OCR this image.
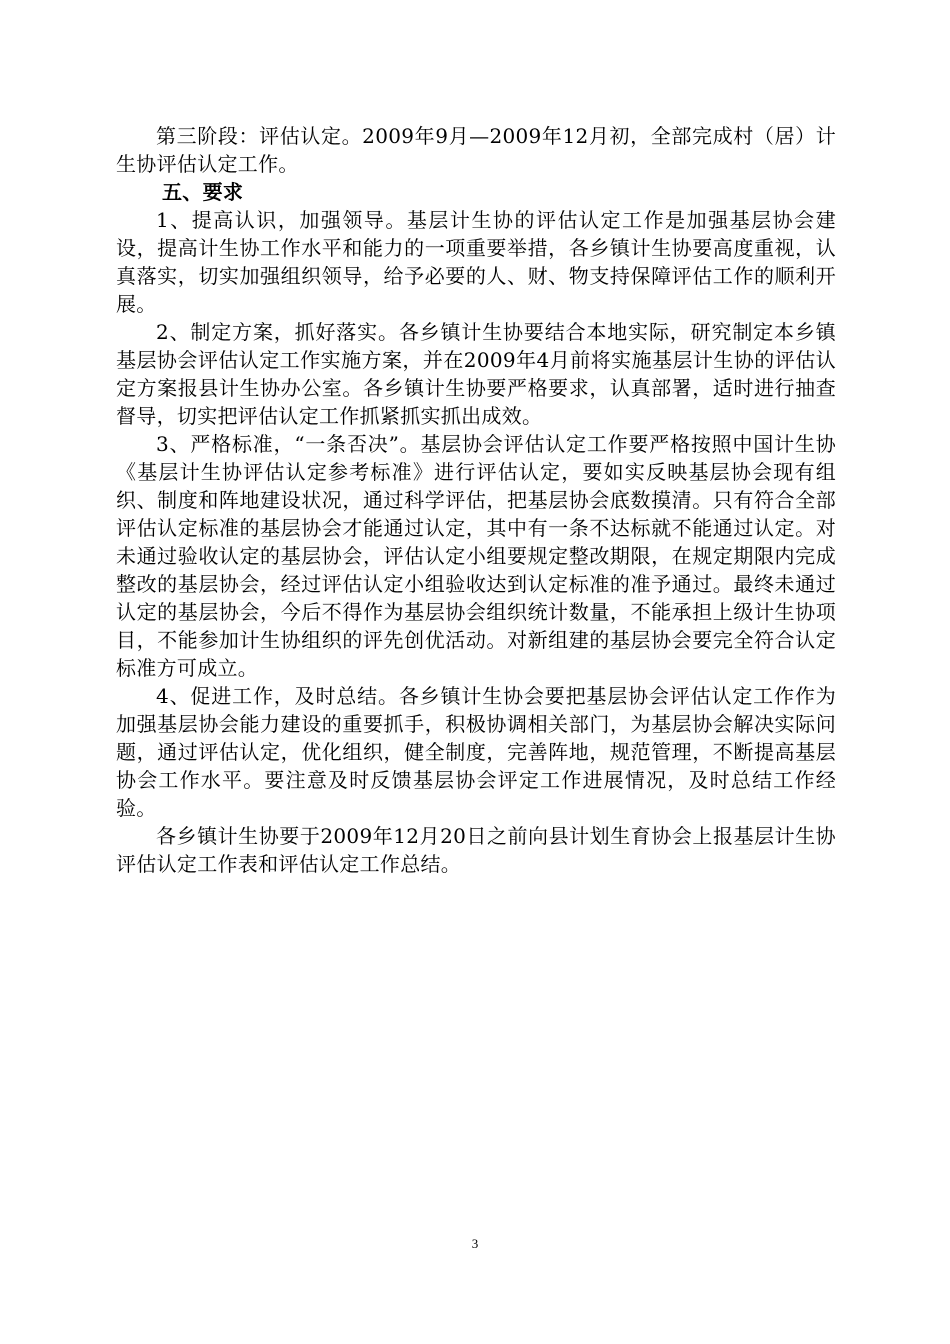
第三阶段：评估认定。2009年9月—2009年12月初，全部完成村（居）计生协评估认定工作。

五、要求

1、提高认识，加强领导。基层计生协的评估认定工作是加强基层协会建设，提高计生协工作水平和能力的一项重要举措，各乡镇计生协要高度重视，认真落实，切实加强组织领导，给予必要的人、财、物支持保障评估工作的顺利开展。

2、制定方案，抓好落实。各乡镇计生协要结合本地实际，研究制定本乡镇基层协会评估认定工作实施方案，并在2009年4月前将实施基层计生协的评估认定方案报县计生协办公室。各乡镇计生协要严格要求，认真部署，适时进行抽查督导，切实把评估认定工作抓紧抓实抓出成效。

3、严格标准，“一条否决”。基层协会评估认定工作要严格按照中国计生协《基层计生协评估认定参考标准》进行评估认定，要如实反映基层协会现有组织、制度和阵地建设状况，通过科学评估，把基层协会底数摸清。只有符合全部评估认定标准的基层协会才能通过认定，其中有一条不达标就不能通过认定。对未通过验收认定的基层协会，评估认定小组要规定整改期限，在规定期限内完成整改的基层协会，经过评估认定小组验收达到认定标准的准予通过。最终未通过认定的基层协会，今后不得作为基层协会组织统计数量，不能承担上级计生协项目，不能参加计生协组织的评先创优活动。对新组建的基层协会要完全符合认定标准方可成立。

4、促进工作，及时总结。各乡镇计生协会要把基层协会评估认定工作作为加强基层协会能力建设的重要抓手，积极协调相关部门，为基层协会解决实际问题，通过评估认定，优化组织，健全制度，完善阵地，规范管理，不断提高基层协会工作水平。要注意及时反馈基层协会评定工作进展情况，及时总结工作经验。

各乡镇计生协要于2009年12月20日之前向县计划生育协会上报基层计生协评估认定工作表和评估认定工作总结。

3
